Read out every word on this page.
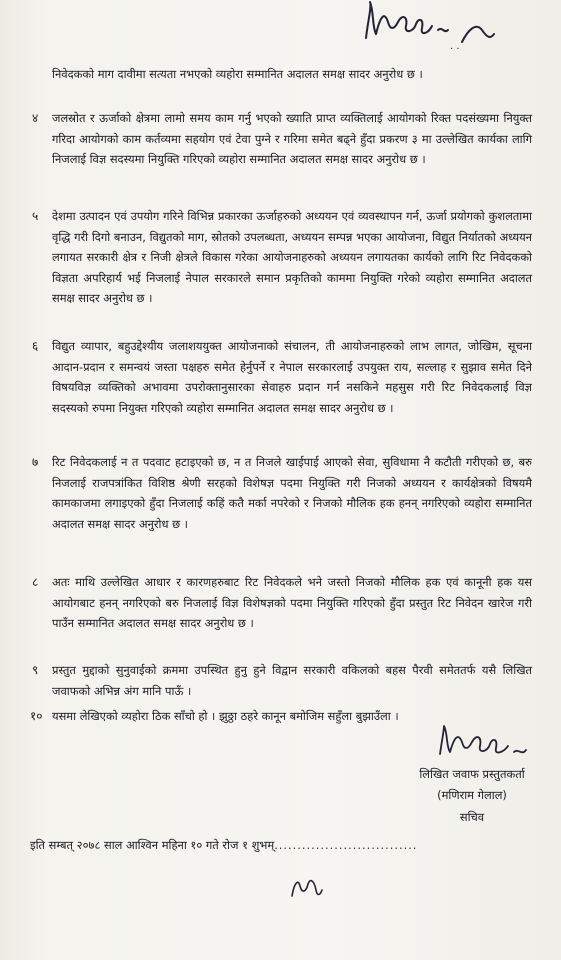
· ·
निवेदकको माग दावीमा सत्यता नभएको व्यहोरा सम्मानित अदालत समक्ष सादर अनुरोध छ ।
४	जलस्रोत र ऊर्जाको क्षेत्रमा लामो समय काम गर्नु भएको ख्याति प्राप्त व्यक्तिलाई आयोगको रिक्त पदसंख्यमा नियुक्त गरिदा आयोगको काम कर्तव्यमा सहयोग एवं टेवा पुग्ने र गरिमा समेत बढ्ने हुँदा प्रकरण ३ मा उल्लेखित कार्यका लागि निजलाई विज्ञ सदस्यमा नियुक्ति गरिएको व्यहोरा सम्मानित अदालत समक्ष सादर अनुरोध छ ।
५	देशमा उत्पादन एवं उपयोग गरिने विभिन्न प्रकारका ऊर्जाहरुको अध्ययन एवं व्यवस्थापन गर्न, ऊर्जा प्रयोगको कुशलतामा वृद्धि गरी दिगो बनाउन, विद्युतको माग, स्रोतको उपलब्धता, अध्ययन सम्पन्न भएका आयोजना, विद्युत निर्यातको अध्ययन लगायत सरकारी क्षेत्र र निजी क्षेत्रले विकास गरेका आयोजनाहरुको अध्ययन लगायतका कार्यको लागि रिट निवेदकको विज्ञता अपरिहार्य भई निजलाई नेपाल सरकारले समान प्रकृतिको काममा नियुक्ति गरेको व्यहोरा सम्मानित अदालत समक्ष सादर अनुरोध छ ।
६	विद्युत व्यापार, बहुउद्देश्यीय जलाशययुक्त आयोजनाको संचालन, ती आयोजनाहरुको लाभ लागत, जोखिम, सूचना आदान-प्रदान र समन्वयं जस्ता पक्षहरु समेत हेर्नुपर्ने र नेपाल सरकारलाई उपयुक्त राय, सल्लाह र सुझाव समेत दिने विषयविज्ञ व्यक्तिको अभावमा उपरोक्तानुसारका सेवाहरु प्रदान गर्न नसकिने महसुस गरी रिट निवेदकलाई विज्ञ सदस्यको रुपमा नियुक्त गरिएको व्यहोरा सम्मानित अदालत समक्ष सादर अनुरोध छ ।
७	रिट निवेदकलाई न त पदवाट हटाइएको छ, न त निजले खाईपाई आएको सेवा, सुविधामा नै कटौती गरीएको छ, बरु निजलाई राजपत्रांकित विशिष्ठ श्रेणी सरहको विशेषज्ञ पदमा नियुक्ति गरी निजको अध्ययन र कार्यक्षेत्रको विषयमै कामकाजमा लगाइएको हुँदा निजलाई कहिं कतै मर्का नपरेको र निजको मौलिक हक हनन् नगरिएको व्यहोरा सम्मानित अदालत समक्ष सादर अनुरोध छ ।
८	अतः माथि उल्लेखित आधार र कारणहरुबाट रिट निवेदकले भने जस्तो निजको मौलिक हक एवं कानूनी हक यस आयोगबाट हनन् नगरिएको बरु निजलाई विज्ञ विशेषज्ञको पदमा नियुक्ति गरिएको हुँदा प्रस्तुत रिट निवेदन खारेज गरी पाउँन सम्मानित अदालत समक्ष सादर अनुरोध छ ।
९	प्रस्तुत मुद्दाको सुनुवाईको क्रममा उपस्थित हुनु हुने विद्वान सरकारी वकिलको बहस पैरवी समेततर्फ यसै लिखित जवाफको अभिन्न अंग मानि पाऊँ ।
१० यसमा लेखिएको व्यहोरा ठिक साँचो हो । झुठ्ठा ठहरे कानून बमोजिम सहुँला बुझाउँला ।
लिखित जवाफ प्रस्तुतकर्ता
(मणिराम गेलाल)
सचिव
इति सम्बत् २०७८ साल आश्विन महिना १० गते रोज १ शुभम्...............................
